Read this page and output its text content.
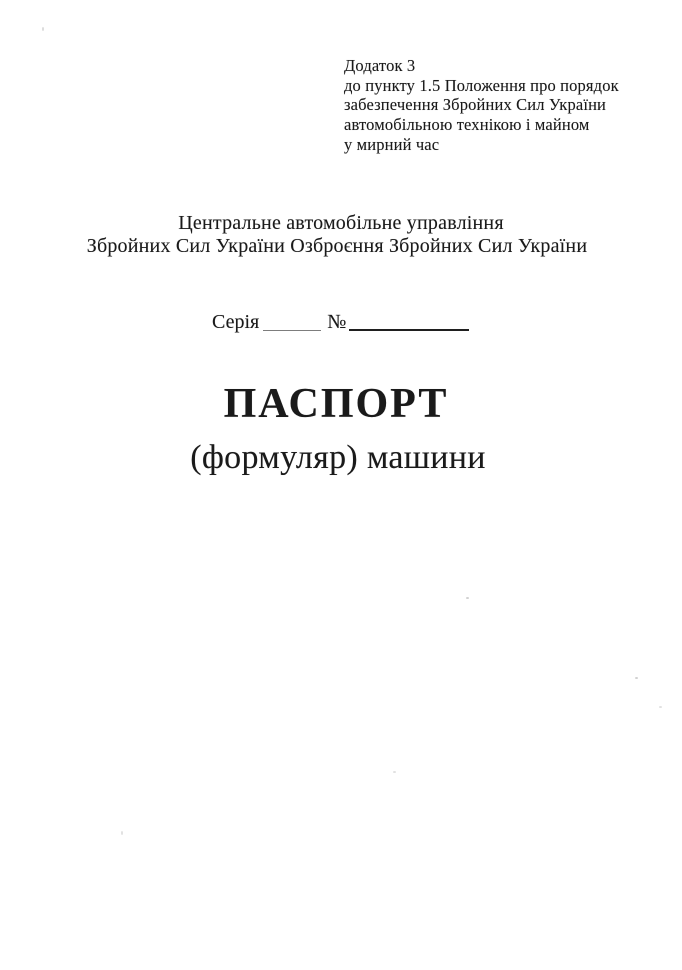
Додаток 3
до пункту 1.5 Положення про порядок
забезпечення Збройних Сил України
автомобільною технікою і майном
у мирний час
Центральне автомобільне управління
Збройних Сил України Озброєння Збройних Сил України
Серія	№
ПАСПОРТ
(формуляр) машини
